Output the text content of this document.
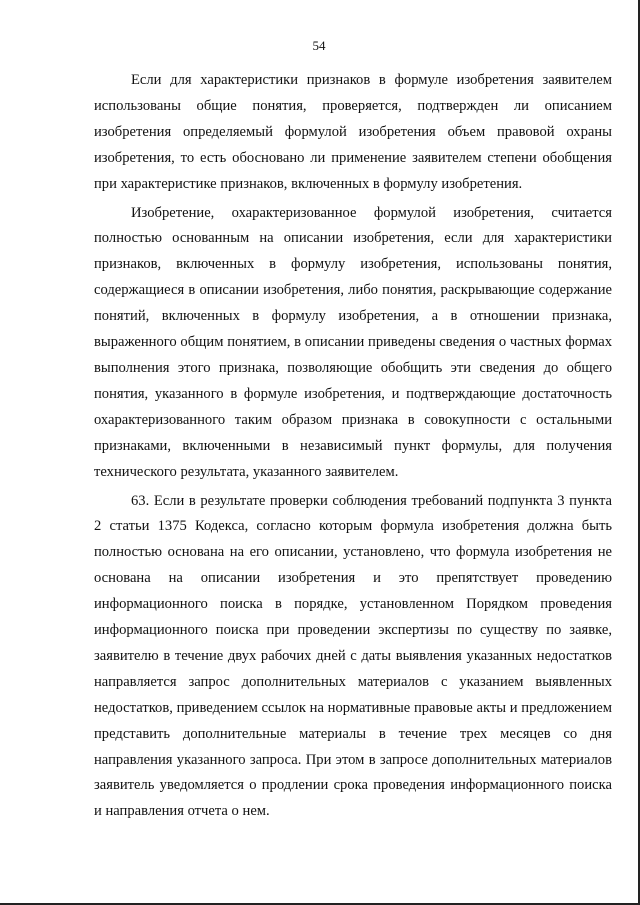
54

Если для характеристики признаков в формуле изобретения заявителем использованы общие понятия, проверяется, подтвержден ли описанием изобретения определяемый формулой изобретения объем правовой охраны изобретения, то есть обосновано ли применение заявителем степени обобщения при характеристике признаков, включенных в формулу изобретения.

Изобретение, охарактеризованное формулой изобретения, считается полностью основанным на описании изобретения, если для характеристики признаков, включенных в формулу изобретения, использованы понятия, содержащиеся в описании изобретения, либо понятия, раскрывающие содержание понятий, включенных в формулу изобретения, а в отношении признака, выраженного общим понятием, в описании приведены сведения о частных формах выполнения этого признака, позволяющие обобщить эти сведения до общего понятия, указанного в формуле изобретения, и подтверждающие достаточность охарактеризованного таким образом признака в совокупности с остальными признаками, включенными в независимый пункт формулы, для получения технического результата, указанного заявителем.

63. Если в результате проверки соблюдения требований подпункта 3 пункта 2 статьи 1375 Кодекса, согласно которым формула изобретения должна быть полностью основана на его описании, установлено, что формула изобретения не основана на описании изобретения и это препятствует проведению информационного поиска в порядке, установленном Порядком проведения информационного поиска при проведении экспертизы по существу по заявке, заявителю в течение двух рабочих дней с даты выявления указанных недостатков направляется запрос дополнительных материалов с указанием выявленных недостатков, приведением ссылок на нормативные правовые акты и предложением представить дополнительные материалы в течение трех месяцев со дня направления указанного запроса. При этом в запросе дополнительных материалов заявитель уведомляется о продлении срока проведения информационного поиска и направления отчета о нем.
